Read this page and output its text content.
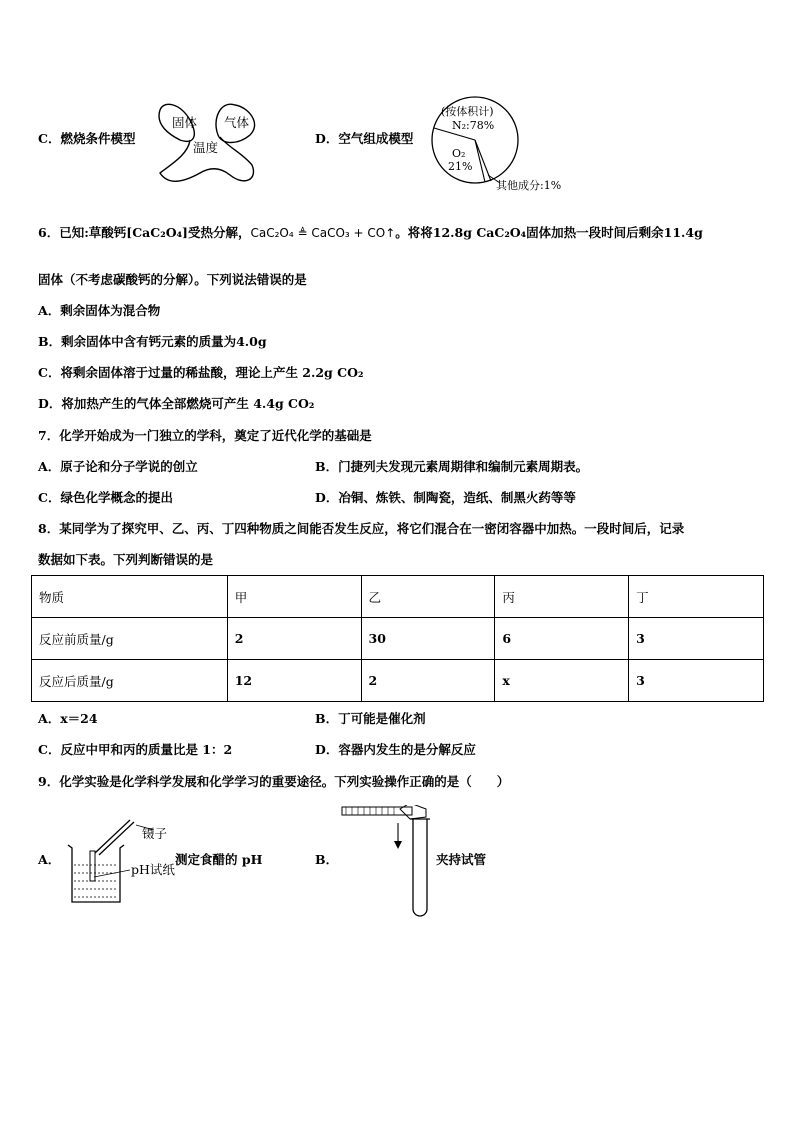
C．燃烧条件模型
固体 气体
温度
D．空气组成模型
(按体积计)
N₂:78%
O₂
21%
其他成分:1%
6．已知:草酸钙[CaC₂O₄]受热分解，CaC₂O₄ ≜ CaCO₃ + CO↑。将将12.8g CaC₂O₄固体加热一段时间后剩余11.4g
固体（不考虑碳酸钙的分解）。下列说法错误的是
A．剩余固体为混合物
B．剩余固体中含有钙元素的质量为4.0g
C．将剩余固体溶于过量的稀盐酸，理论上产生 2.2g CO₂
D．将加热产生的气体全部燃烧可产生 4.4g CO₂
7．化学开始成为一门独立的学科，奠定了近代化学的基础是
A．原子论和分子学说的创立	B．门捷列夫发现元素周期律和编制元素周期表。
C．绿色化学概念的提出	D．冶铜、炼铁、制陶瓷，造纸、制黑火药等等
8．某同学为了探究甲、乙、丙、丁四种物质之间能否发生反应，将它们混合在一密闭容器中加热。一段时间后，记录
数据如下表。下列判断错误的是
物质	甲	乙	丙	丁
反应前质量/g	2	30	6	3
反应后质量/g	12	2	x	3
A．x＝24	B．丁可能是催化剂
C．反应中甲和丙的质量比是 1：2	D．容器内发生的是分解反应
9．化学实验是化学科学发展和化学学习的重要途径。下列实验操作正确的是（　　）
A．
镊子
pH试纸
测定食醋的 pH	B．	夹持试管
